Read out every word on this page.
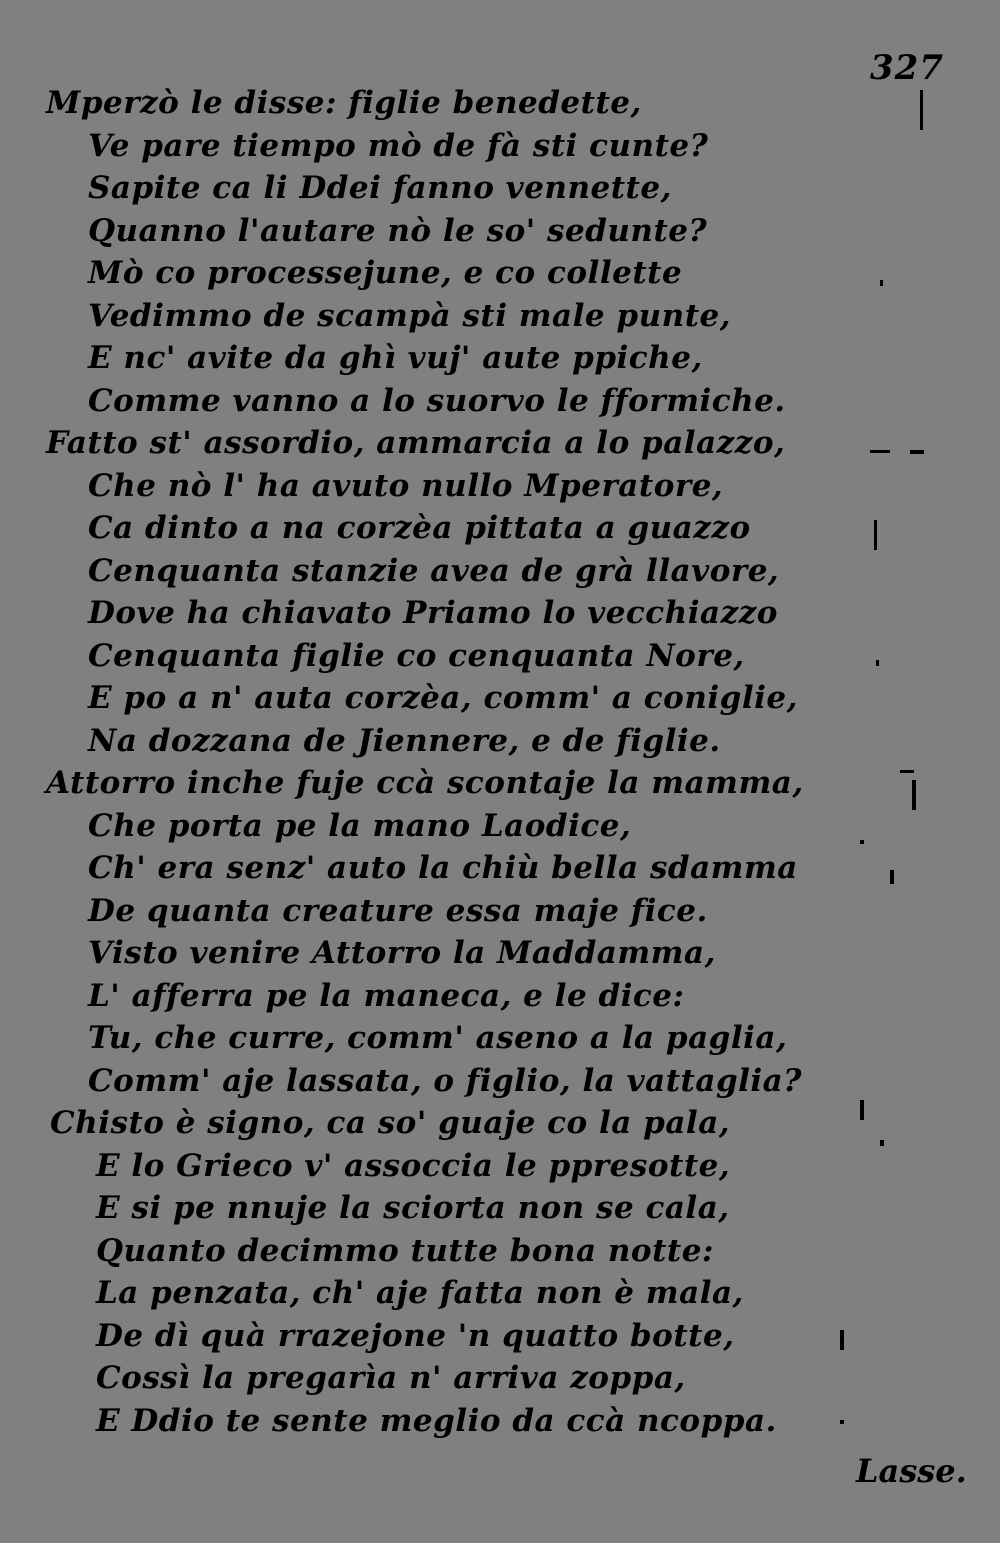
327
Mperzò le disse: figlie benedette,
Ve pare tiempo mò de fà sti cunte?
Sapite ca li Ddei fanno vennette,
Quanno l'autare nò le so' sedunte?
Mò co processejune, e co collette
Vedimmo de scampà sti male punte,
E nc' avite da ghì vuj' aute ppiche,
Comme vanno a lo suorvo le fformiche.
Fatto st' assordio, ammarcia a lo palazzo,
Che nò l' ha avuto nullo Mperatore,
Ca dinto a na corzèa pittata a guazzo
Cenquanta stanzie avea de grà llavore,
Dove ha chiavato Priamo lo vecchiazzo
Cenquanta figlie co cenquanta Nore,
E po a n' auta corzèa, comm' a coniglie,
Na dozzana de Jiennere, e de figlie.
Attorro inche fuje ccà scontaje la mamma,
Che porta pe la mano Laodice,
Ch' era senz' auto la chiù bella sdamma
De quanta creature essa maje fice.
Visto venire Attorro la Maddamma,
L' afferra pe la maneca, e le dice:
Tu, che curre, comm' aseno a la paglia,
Comm' aje lassata, o figlio, la vattaglia?
Chisto è signo, ca so' guaje co la pala,
E lo Grieco v' assoccia le ppresotte,
E si pe nnuje la sciorta non se cala,
Quanto decimmo tutte bona notte:
La penzata, ch' aje fatta non è mala,
De dì quà rrazejone 'n quatto botte,
Cossì la pregarìa n' arriva zoppa,
E Ddio te sente meglio da ccà ncoppa.
Lasse.
